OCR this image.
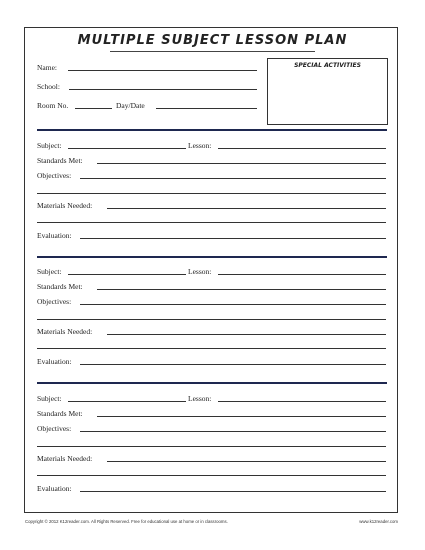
MULTIPLE SUBJECT LESSON PLAN
Name:
School:
Room No.	Day/Date
SPECIAL ACTIVITIES
Subject:	Lesson:
Standards Met:
Objectives:
Materials Needed:
Evaluation:
Subject:	Lesson:
Standards Met:
Objectives:
Materials Needed:
Evaluation:
Subject:	Lesson:
Standards Met:
Objectives:
Materials Needed:
Evaluation:
Copyright © 2012 K12reader.com. All Rights Reserved. Free for educational use at home or in classrooms.	www.k12reader.com
